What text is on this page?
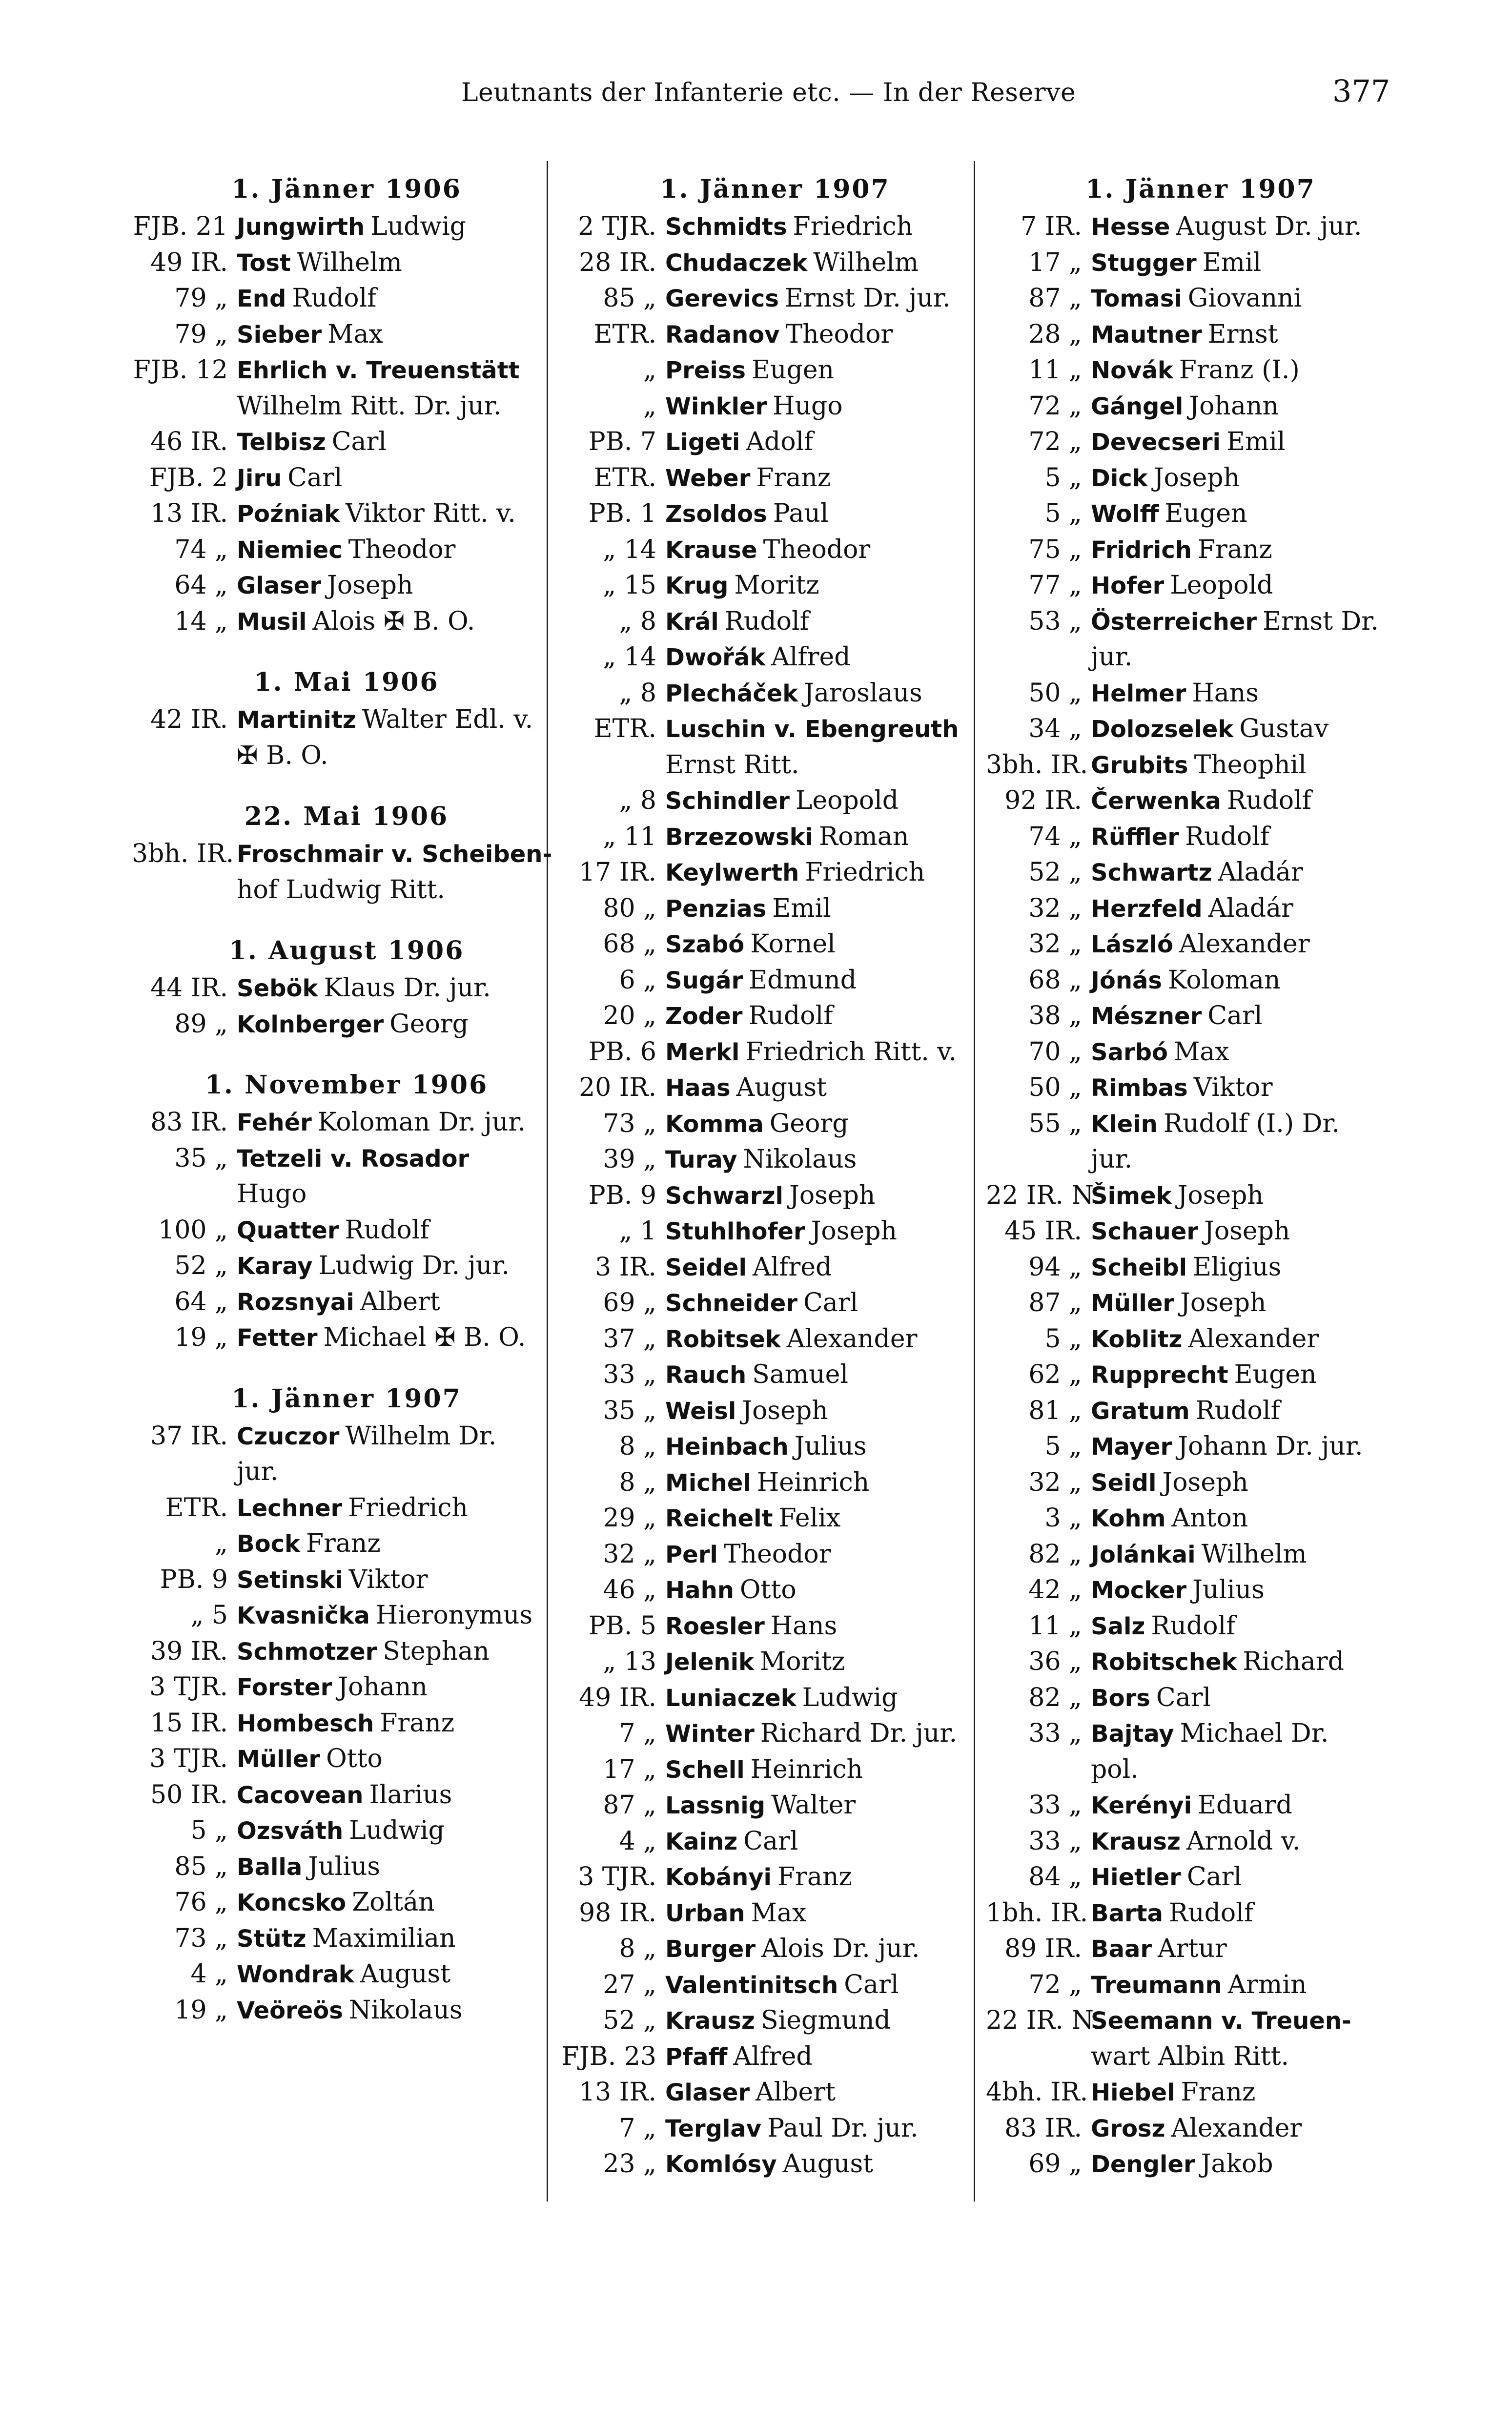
Leutnants der Infanterie etc. — In der Reserve	377
1. Jänner 1906
FJB. 21 Jungwirth Ludwig
49 IR. Tost Wilhelm
79 „ End Rudolf
79 „ Sieber Max
FJB. 12 Ehrlich v. Treuenstätt
Wilhelm Ritt. Dr. jur.
46 IR. Telbisz Carl
FJB. 2 Jiru Carl
13 IR. Poźniak Viktor Ritt. v.
74 „ Niemiec Theodor
64 „ Glaser Joseph
14 „ Musil Alois ✠ B. O.
1. Mai 1906
42 IR. Martinitz Walter Edl. v.
✠ B. O.
22. Mai 1906
3bh. IR. Froschmair v. Scheiben-
hof Ludwig Ritt.
1. August 1906
44 IR. Sebök Klaus Dr. jur.
89 „ Kolnberger Georg
1. November 1906
83 IR. Fehér Koloman Dr. jur.
35 „ Tetzeli v. Rosador
Hugo
100 „ Quatter Rudolf
52 „ Karay Ludwig Dr. jur.
64 „ Rozsnyai Albert
19 „ Fetter Michael ✠ B. O.
1. Jänner 1907
37 IR. Czuczor Wilhelm Dr.
jur.
ETR. Lechner Friedrich
„ Bock Franz
PB. 9 Setinski Viktor
„ 5 Kvasnička Hieronymus
39 IR. Schmotzer Stephan
3 TJR. Forster Johann
15 IR. Hombesch Franz
3 TJR. Müller Otto
50 IR. Cacovean Ilarius
5 „ Ozsváth Ludwig
85 „ Balla Julius
76 „ Koncsko Zoltán
73 „ Stütz Maximilian
4 „ Wondrak August
19 „ Veöreös Nikolaus
1. Jänner 1907
2 TJR. Schmidts Friedrich
28 IR. Chudaczek Wilhelm
85 „ Gerevics Ernst Dr. jur.
ETR. Radanov Theodor
„ Preiss Eugen
„ Winkler Hugo
PB. 7 Ligeti Adolf
ETR. Weber Franz
PB. 1 Zsoldos Paul
„ 14 Krause Theodor
„ 15 Krug Moritz
„ 8 Král Rudolf
„ 14 Dwořák Alfred
„ 8 Plecháček Jaroslaus
ETR. Luschin v. Ebengreuth
Ernst Ritt.
„ 8 Schindler Leopold
„ 11 Brzezowski Roman
17 IR. Keylwerth Friedrich
80 „ Penzias Emil
68 „ Szabó Kornel
6 „ Sugár Edmund
20 „ Zoder Rudolf
PB. 6 Merkl Friedrich Ritt. v.
20 IR. Haas August
73 „ Komma Georg
39 „ Turay Nikolaus
PB. 9 Schwarzl Joseph
„ 1 Stuhlhofer Joseph
3 IR. Seidel Alfred
69 „ Schneider Carl
37 „ Robitsek Alexander
33 „ Rauch Samuel
35 „ Weisl Joseph
8 „ Heinbach Julius
8 „ Michel Heinrich
29 „ Reichelt Felix
32 „ Perl Theodor
46 „ Hahn Otto
PB. 5 Roesler Hans
„ 13 Jelenik Moritz
49 IR. Luniaczek Ludwig
7 „ Winter Richard Dr. jur.
17 „ Schell Heinrich
87 „ Lassnig Walter
4 „ Kainz Carl
3 TJR. Kobányi Franz
98 IR. Urban Max
8 „ Burger Alois Dr. jur.
27 „ Valentinitsch Carl
52 „ Krausz Siegmund
FJB. 23 Pfaff Alfred
13 IR. Glaser Albert
7 „ Terglav Paul Dr. jur.
23 „ Komlósy August
1. Jänner 1907
7 IR. Hesse August Dr. jur.
17 „ Stugger Emil
87 „ Tomasi Giovanni
28 „ Mautner Ernst
11 „ Novák Franz (I.)
72 „ Gángel Johann
72 „ Devecseri Emil
5 „ Dick Joseph
5 „ Wolff Eugen
75 „ Fridrich Franz
77 „ Hofer Leopold
53 „ Österreicher Ernst Dr.
jur.
50 „ Helmer Hans
34 „ Dolozselek Gustav
3bh. IR. Grubits Theophil
92 IR. Čerwenka Rudolf
74 „ Rüffler Rudolf
52 „ Schwartz Aladár
32 „ Herzfeld Aladár
32 „ László Alexander
68 „ Jónás Koloman
38 „ Mészner Carl
70 „ Sarbó Max
50 „ Rimbas Viktor
55 „ Klein Rudolf (I.) Dr.
jur.
22 IR. N.
Šimek Joseph
45 IR. Schauer Joseph
94 „ Scheibl Eligius
87 „ Müller Joseph
5 „ Koblitz Alexander
62 „ Rupprecht Eugen
81 „ Gratum Rudolf
5 „ Mayer Johann Dr. jur.
32 „ Seidl Joseph
3 „ Kohm Anton
82 „ Jolánkai Wilhelm
42 „ Mocker Julius
11 „ Salz Rudolf
36 „ Robitschek Richard
82 „ Bors Carl
33 „ Bajtay Michael Dr.
pol.
33 „ Kerényi Eduard
33 „ Krausz Arnold v.
84 „ Hietler Carl
1bh. IR. Barta Rudolf
89 IR. Baar Artur
72 „ Treumann Armin
22 IR. N.
Seemann v. Treuen-
wart Albin Ritt.
4bh. IR. Hiebel Franz
83 IR. Grosz Alexander
69 „ Dengler Jakob
